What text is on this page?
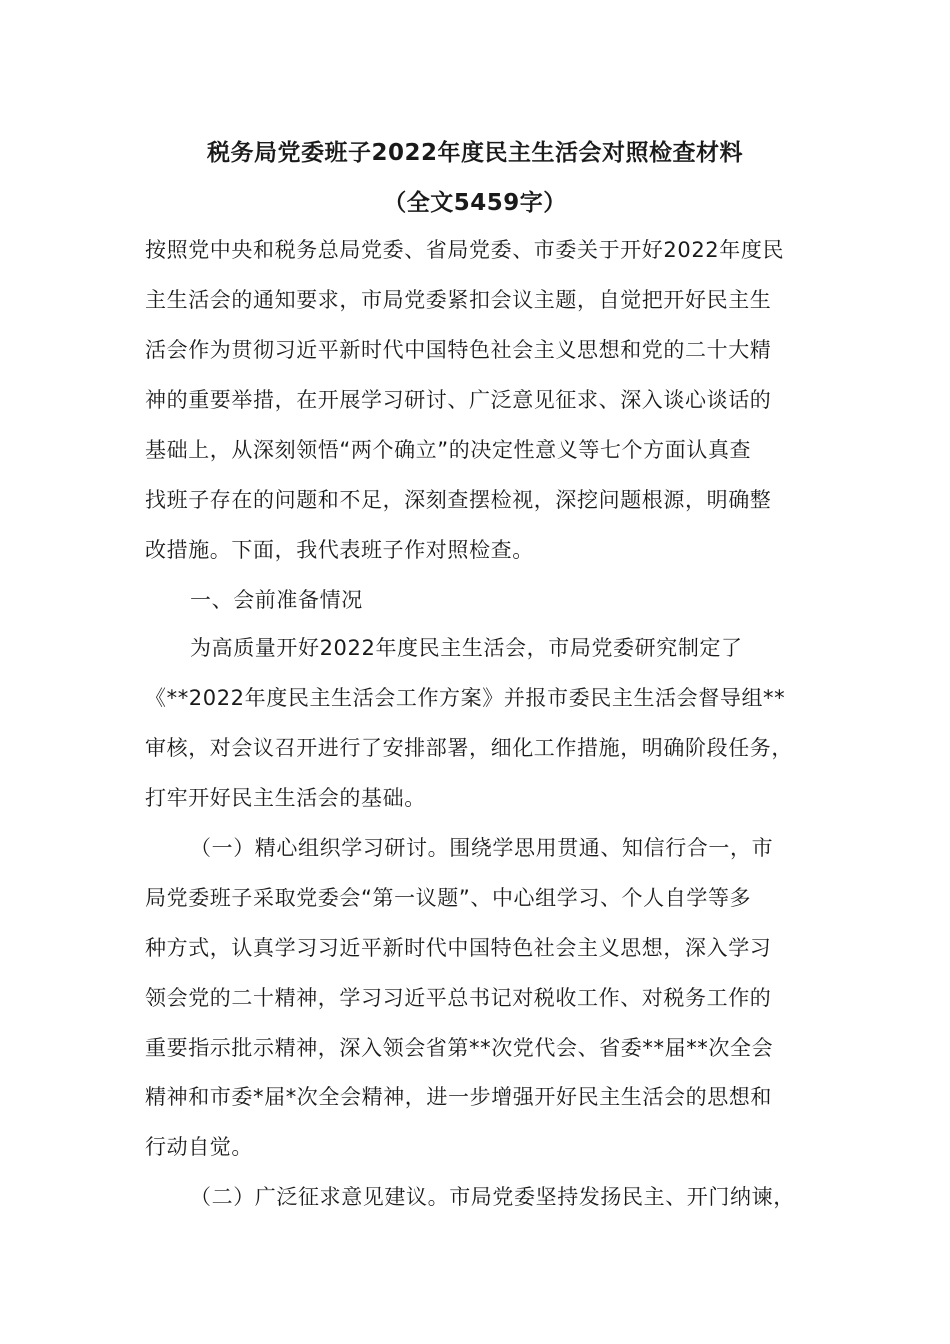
税务局党委班子2022年度民主生活会对照检查材料
（全文5459字）
按照党中央和税务总局党委、省局党委、市委关于开好2022年度民
主生活会的通知要求，市局党委紧扣会议主题，自觉把开好民主生
活会作为贯彻习近平新时代中国特色社会主义思想和党的二十大精
神的重要举措，在开展学习研讨、广泛意见征求、深入谈心谈话的
基础上，从深刻领悟“两个确立”的决定性意义等七个方面认真查
找班子存在的问题和不足，深刻查摆检视，深挖问题根源，明确整
改措施。下面，我代表班子作对照检查。
一、会前准备情况
为高质量开好2022年度民主生活会，市局党委研究制定了
《**2022年度民主生活会工作方案》并报市委民主生活会督导组**
审核，对会议召开进行了安排部署，细化工作措施，明确阶段任务，
打牢开好民主生活会的基础。
（一）精心组织学习研讨。围绕学思用贯通、知信行合一，市
局党委班子采取党委会“第一议题”、中心组学习、个人自学等多
种方式，认真学习习近平新时代中国特色社会主义思想，深入学习
领会党的二十精神，学习习近平总书记对税收工作、对税务工作的
重要指示批示精神，深入领会省第**次党代会、省委**届**次全会
精神和市委*届*次全会精神，进一步增强开好民主生活会的思想和
行动自觉。
（二）广泛征求意见建议。市局党委坚持发扬民主、开门纳谏，
